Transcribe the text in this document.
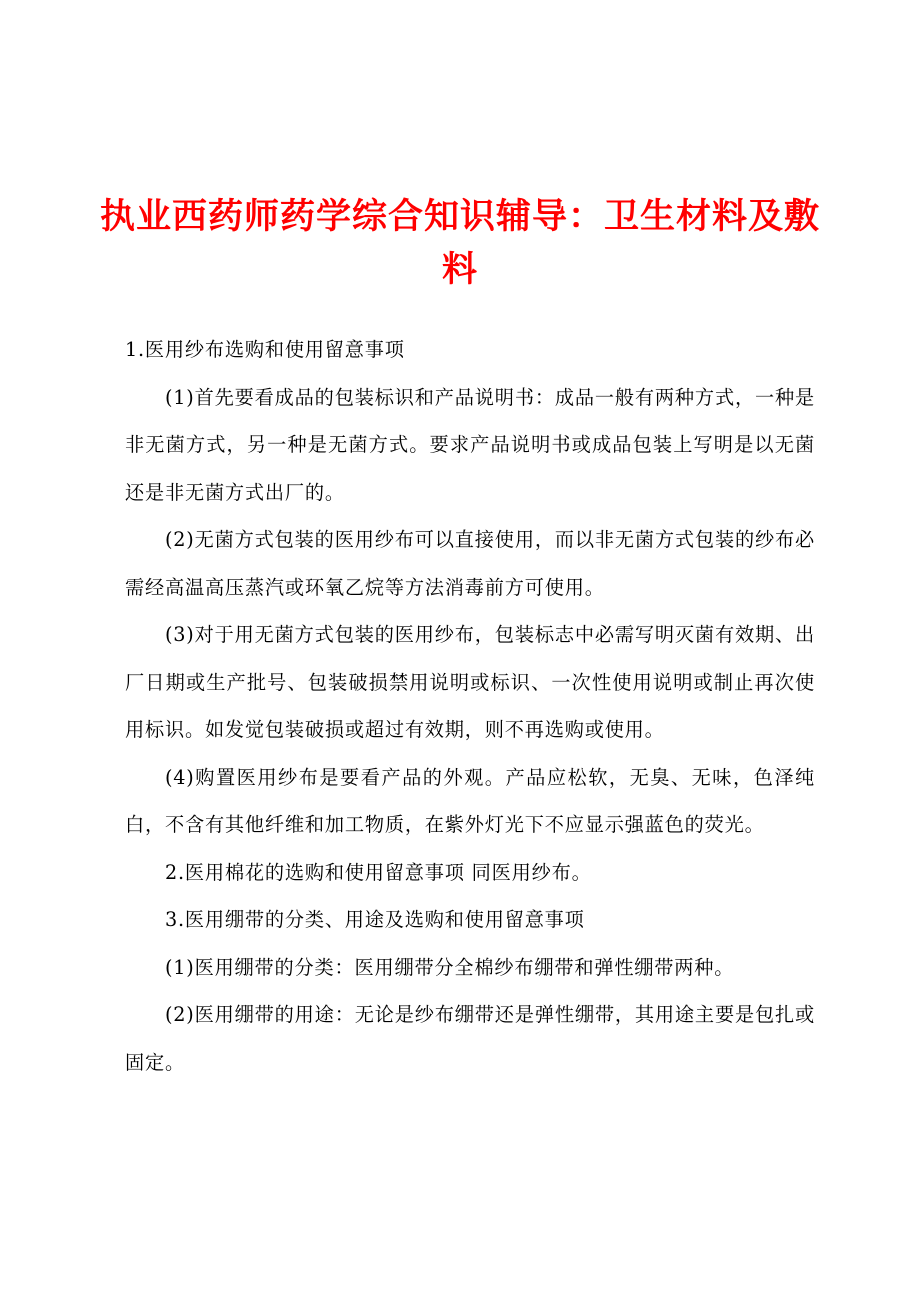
执业西药师药学综合知识辅导：卫生材料及敷料

1.医用纱布选购和使用留意事项

(1)首先要看成品的包装标识和产品说明书：成品一般有两种方式，一种是非无菌方式，另一种是无菌方式。要求产品说明书或成品包装上写明是以无菌还是非无菌方式出厂的。

(2)无菌方式包装的医用纱布可以直接使用，而以非无菌方式包装的纱布必需经高温高压蒸汽或环氧乙烷等方法消毒前方可使用。

(3)对于用无菌方式包装的医用纱布，包装标志中必需写明灭菌有效期、出厂日期或生产批号、包装破损禁用说明或标识、一次性使用说明或制止再次使用标识。如发觉包装破损或超过有效期，则不再选购或使用。

(4)购置医用纱布是要看产品的外观。产品应松软，无臭、无味，色泽纯白，不含有其他纤维和加工物质，在紫外灯光下不应显示强蓝色的荧光。

2.医用棉花的选购和使用留意事项 同医用纱布。

3.医用绷带的分类、用途及选购和使用留意事项

(1)医用绷带的分类：医用绷带分全棉纱布绷带和弹性绷带两种。

(2)医用绷带的用途：无论是纱布绷带还是弹性绷带，其用途主要是包扎或固定。
